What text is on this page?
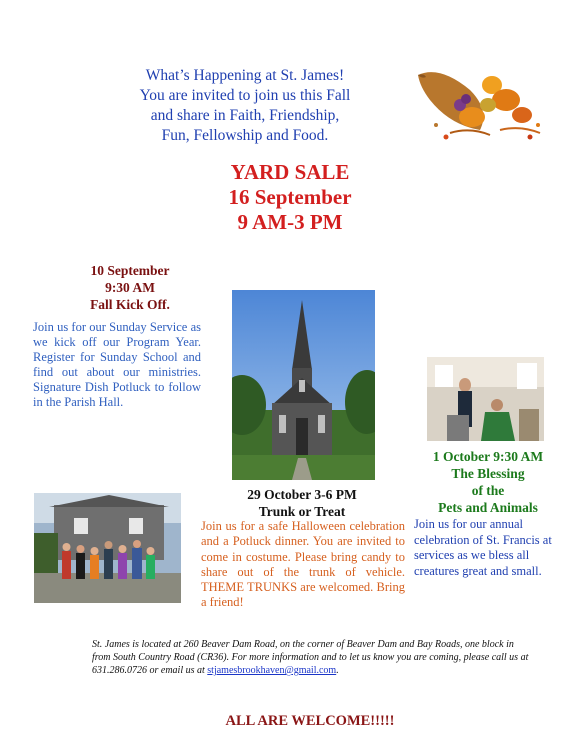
What’s Happening at St. James!
You are invited to join us this Fall
and share in Faith, Friendship,
Fun, Fellowship and Food.
YARD SALE
16 September
9 AM-3 PM
10 September
9:30 AM
Fall Kick Off.
Join us for our Sunday Service as we kick off our Program Year. Register for Sunday School and find out about our ministries. Signature Dish Potluck to follow in the Parish Hall.
1 October 9:30 AM
The Blessing
of the
Pets and Animals
Join us for our annual celebration of St. Francis at services as we bless all creatures great and small.
29 October 3-6 PM
Trunk or Treat
Join us for a safe Halloween celebration and a Potluck dinner. You are invited to come in costume. Please bring candy to share out of the trunk of vehicle. THEME TRUNKS are welcomed. Bring a friend!
St. James is located at 260 Beaver Dam Road, on the corner of Beaver Dam and Bay Roads, one block in from South Country Road (CR36). For more information and to let us know you are coming, please call us at 631.286.0726 or email us at stjamesbrookhaven@gmail.com.
ALL ARE WELCOME!!!!!
